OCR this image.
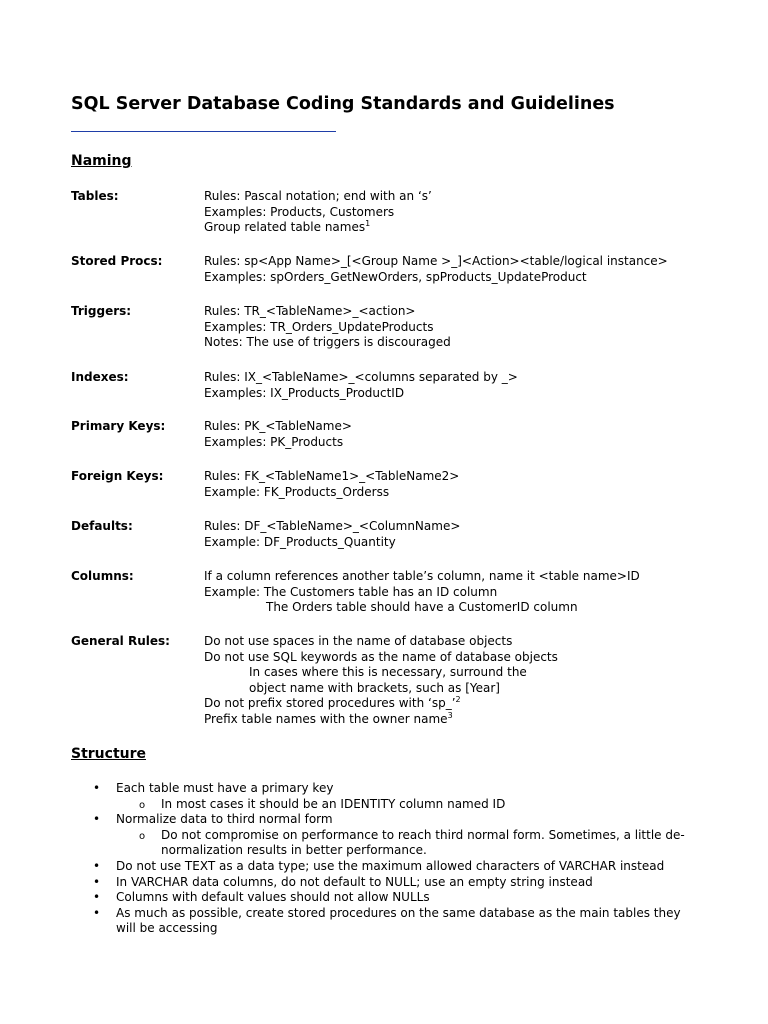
SQL Server Database Coding Standards and Guidelines
Naming
Tables:	Rules: Pascal notation; end with an ‘s’
Examples: Products, Customers
Group related table names$^1$
Stored Procs:	Rules: sp<App Name>_[<Group Name >_]<Action><table/logical instance>
Examples: spOrders_GetNewOrders, spProducts_UpdateProduct
Triggers:	Rules: TR_<TableName>_<action>
Examples: TR_Orders_UpdateProducts
Notes: The use of triggers is discouraged
Indexes:	Rules: IX_<TableName>_<columns separated by _>
Examples: IX_Products_ProductID
Primary Keys:	Rules: PK_<TableName>
Examples: PK_Products
Foreign Keys:	Rules: FK_<TableName1>_<TableName2>
Example: FK_Products_Orderss
Defaults:	Rules: DF_<TableName>_<ColumnName>
Example: DF_Products_Quantity
Columns:	If a column references another table’s column, name it <table name>ID
Example: The Customers table has an ID column
The Orders table should have a CustomerID column
General Rules:	Do not use spaces in the name of database objects
Do not use SQL keywords as the name of database objects
In cases where this is necessary, surround the
object name with brackets, such as [Year]
Do not prefix stored procedures with ‘sp_’$^2$
Prefix table names with the owner name$^3$
Structure
• Each table must have a primary key
o In most cases it should be an IDENTITY column named ID
• Normalize data to third normal form
o Do not compromise on performance to reach third normal form. Sometimes, a little de-
normalization results in better performance.
• Do not use TEXT as a data type; use the maximum allowed characters of VARCHAR instead
• In VARCHAR data columns, do not default to NULL; use an empty string instead
• Columns with default values should not allow NULLs
• As much as possible, create stored procedures on the same database as the main tables they
will be accessing
